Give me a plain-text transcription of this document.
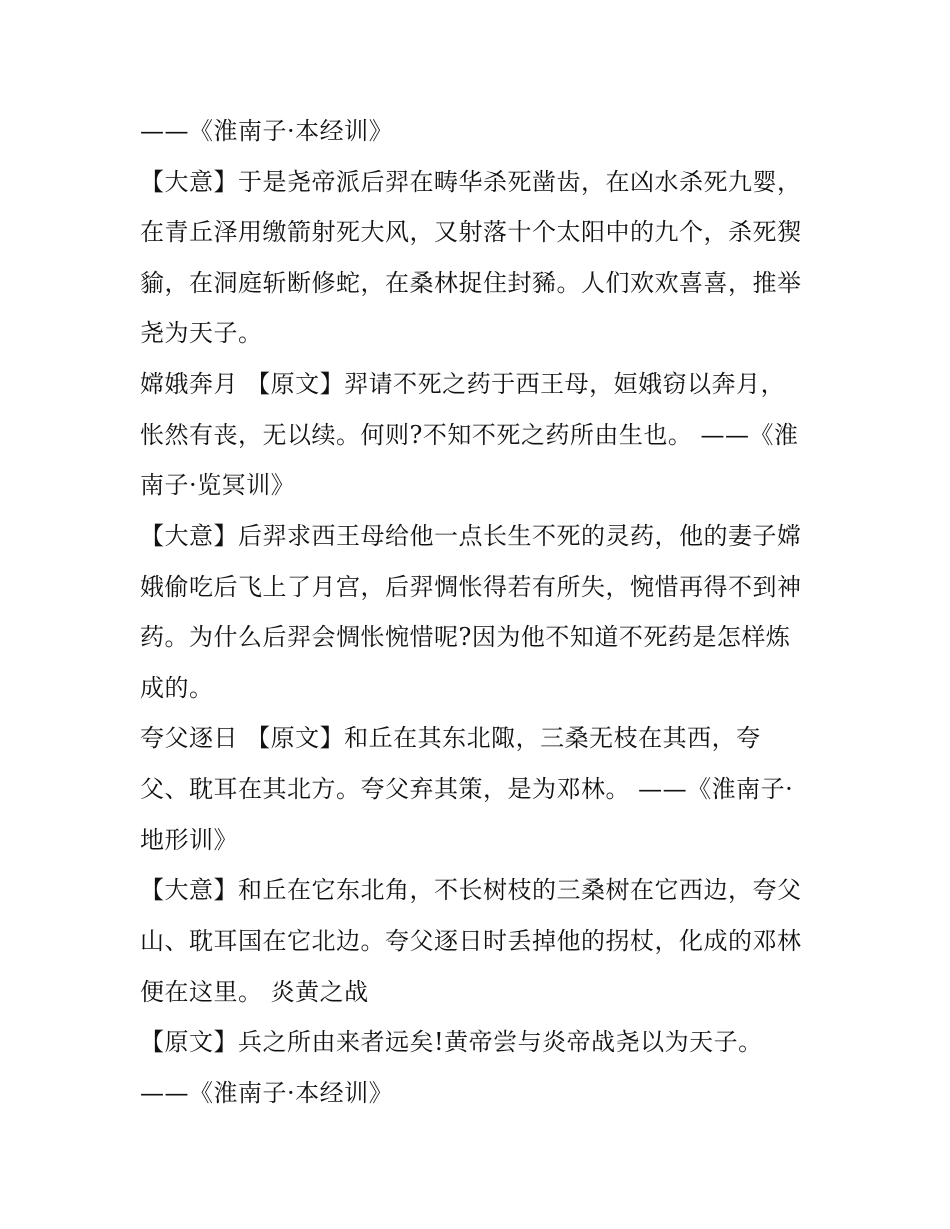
——《淮南子·本经训》
【大意】于是尧帝派后羿在畴华杀死凿齿，在凶水杀死九婴，
在青丘泽用缴箭射死大风，又射落十个太阳中的九个，杀死猰
貐，在洞庭斩断修蛇，在桑林捉住封豨。人们欢欢喜喜，推举
尧为天子。
嫦娥奔月 【原文】羿请不死之药于西王母，姮娥窃以奔月，
怅然有丧，无以续。何则?不知不死之药所由生也。 ——《淮
南子·览冥训》
【大意】后羿求西王母给他一点长生不死的灵药，他的妻子嫦
娥偷吃后飞上了月宫，后羿惆怅得若有所失，惋惜再得不到神
药。为什么后羿会惆怅惋惜呢?因为他不知道不死药是怎样炼
成的。
夸父逐日 【原文】和丘在其东北陬，三桑无枝在其西，夸
父、耽耳在其北方。夸父弃其策，是为邓林。 ——《淮南子·
地形训》
【大意】和丘在它东北角，不长树枝的三桑树在它西边，夸父
山、耽耳国在它北边。夸父逐日时丢掉他的拐杖，化成的邓林
便在这里。 炎黄之战
【原文】兵之所由来者远矣!黄帝尝与炎帝战尧以为天子。
——《淮南子·本经训》
